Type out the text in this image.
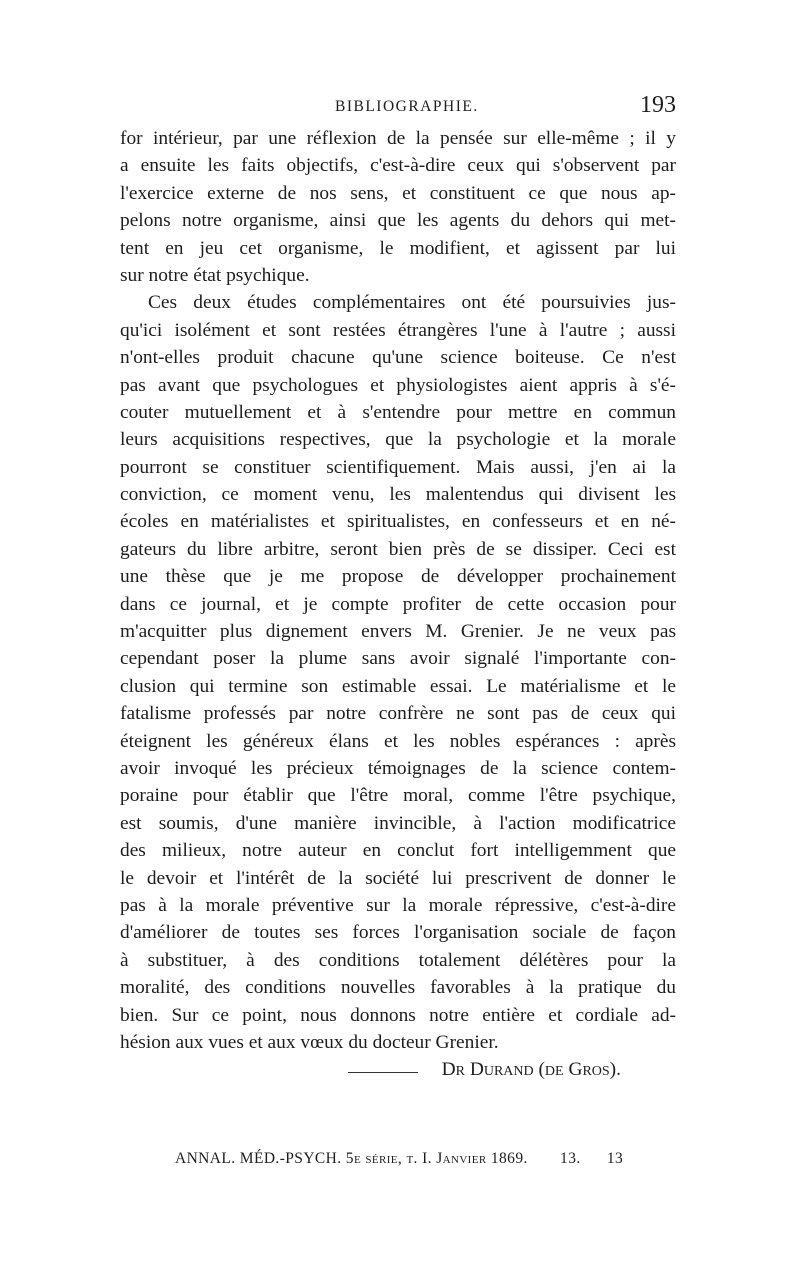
BIBLIOGRAPHIE.	193
for intérieur, par une réflexion de la pensée sur elle-même ; il y
a ensuite les faits objectifs, c'est-à-dire ceux qui s'observent par
l'exercice externe de nos sens, et constituent ce que nous ap-
pelons notre organisme, ainsi que les agents du dehors qui met-
tent en jeu cet organisme, le modifient, et agissent par lui
sur notre état psychique.
Ces deux études complémentaires ont été poursuivies jus-
qu'ici isolément et sont restées étrangères l'une à l'autre ; aussi
n'ont-elles produit chacune qu'une science boiteuse. Ce n'est
pas avant que psychologues et physiologistes aient appris à s'é-
couter mutuellement et à s'entendre pour mettre en commun
leurs acquisitions respectives, que la psychologie et la morale
pourront se constituer scientifiquement. Mais aussi, j'en ai la
conviction, ce moment venu, les malentendus qui divisent les
écoles en matérialistes et spiritualistes, en confesseurs et en né-
gateurs du libre arbitre, seront bien près de se dissiper. Ceci est
une thèse que je me propose de développer prochainement
dans ce journal, et je compte profiter de cette occasion pour
m'acquitter plus dignement envers M. Grenier. Je ne veux pas
cependant poser la plume sans avoir signalé l'importante con-
clusion qui termine son estimable essai. Le matérialisme et le
fatalisme professés par notre confrère ne sont pas de ceux qui
éteignent les généreux élans et les nobles espérances : après
avoir invoqué les précieux témoignages de la science contem-
poraine pour établir que l'être moral, comme l'être psychique,
est soumis, d'une manière invincible, à l'action modificatrice
des milieux, notre auteur en conclut fort intelligemment que
le devoir et l'intérêt de la société lui prescrivent de donner le
pas à la morale préventive sur la morale répressive, c'est-à-dire
d'améliorer de toutes ses forces l'organisation sociale de façon
à substituer, à des conditions totalement délétères pour la
moralité, des conditions nouvelles favorables à la pratique du
bien. Sur ce point, nous donnons notre entière et cordiale ad-
hésion aux vues et aux vœux du docteur Grenier.
Dr Durand (de Gros).
ANNAL. MÉD.-PSYCH. 5e série, t. I. Janvier 1869. 13. 13
